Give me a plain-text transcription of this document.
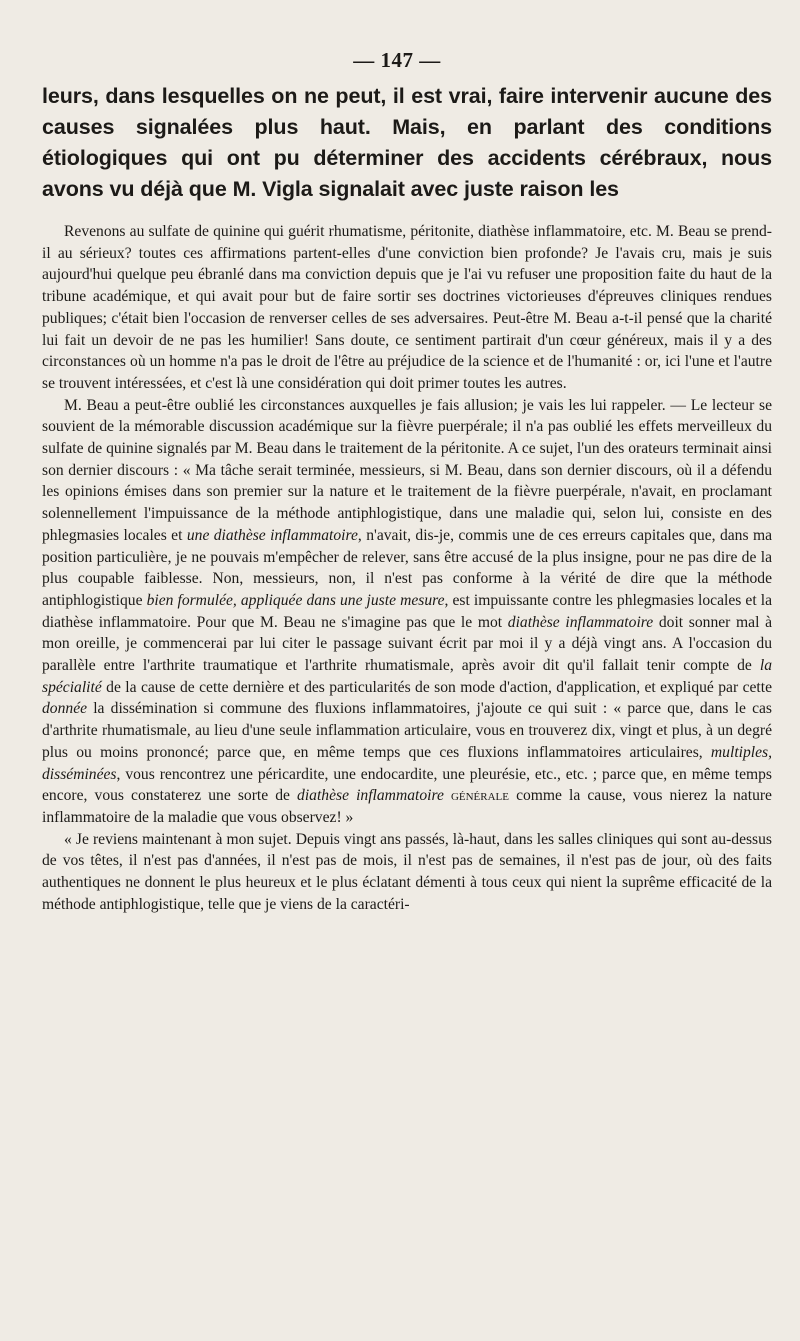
— 147 —

leurs, dans lesquelles on ne peut, il est vrai, faire intervenir aucune des causes signalées plus haut. Mais, en parlant des conditions étiologiques qui ont pu déterminer des accidents cérébraux, nous avons vu déjà que M. Vigla signalait avec juste raison les

Revenons au sulfate de quinine qui guérit rhumatisme, péritonite, diathèse inflammatoire, etc. M. Beau se prend-il au sérieux? toutes ces affirmations partent-elles d'une conviction bien profonde? Je l'avais cru, mais je suis aujourd'hui quelque peu ébranlé dans ma conviction depuis que je l'ai vu refuser une proposition faite du haut de la tribune académique, et qui avait pour but de faire sortir ses doctrines victorieuses d'épreuves cliniques rendues publiques; c'était bien l'occasion de renverser celles de ses adversaires. Peut-être M. Beau a-t-il pensé que la charité lui fait un devoir de ne pas les humilier! Sans doute, ce sentiment partirait d'un cœur généreux, mais il y a des circonstances où un homme n'a pas le droit de l'être au préjudice de la science et de l'humanité : or, ici l'une et l'autre se trouvent intéressées, et c'est là une considération qui doit primer toutes les autres.

M. Beau a peut-être oublié les circonstances auxquelles je fais allusion; je vais les lui rappeler. — Le lecteur se souvient de la mémorable discussion académique sur la fièvre puerpérale; il n'a pas oublié les effets merveilleux du sulfate de quinine signalés par M. Beau dans le traitement de la péritonite. A ce sujet, l'un des orateurs terminait ainsi son dernier discours : « Ma tâche serait terminée, messieurs, si M. Beau, dans son dernier discours, où il a défendu les opinions émises dans son premier sur la nature et le traitement de la fièvre puerpérale, n'avait, en proclamant solennellement l'impuissance de la méthode antiphlogistique, dans une maladie qui, selon lui, consiste en des phlegmasies locales et une diathèse inflammatoire, n'avait, dis-je, commis une de ces erreurs capitales que, dans ma position particulière, je ne pouvais m'empêcher de relever, sans être accusé de la plus insigne, pour ne pas dire de la plus coupable faiblesse. Non, messieurs, non, il n'est pas conforme à la vérité de dire que la méthode antiphlogistique bien formulée, appliquée dans une juste mesure, est impuissante contre les phlegmasies locales et la diathèse inflammatoire. Pour que M. Beau ne s'imagine pas que le mot diathèse inflammatoire doit sonner mal à mon oreille, je commencerai par lui citer le passage suivant écrit par moi il y a déjà vingt ans. A l'occasion du parallèle entre l'arthrite traumatique et l'arthrite rhumatismale, après avoir dit qu'il fallait tenir compte de la spécialité de la cause de cette dernière et des particularités de son mode d'action, d'application, et expliqué par cette donnée la dissémination si commune des fluxions inflammatoires, j'ajoute ce qui suit : « parce que, dans le cas d'arthrite rhumatismale, au lieu d'une seule inflammation articulaire, vous en trouverez dix, vingt et plus, à un degré plus ou moins prononcé; parce que, en même temps que ces fluxions inflammatoires articulaires, multiples, disséminées, vous rencontrez une péricardite, une endocardite, une pleurésie, etc., etc. ; parce que, en même temps encore, vous constaterez une sorte de diathèse inflammatoire générale comme la cause, vous nierez la nature inflammatoire de la maladie que vous observez! »

« Je reviens maintenant à mon sujet. Depuis vingt ans passés, là-haut, dans les salles cliniques qui sont au-dessus de vos têtes, il n'est pas d'années, il n'est pas de mois, il n'est pas de semaines, il n'est pas de jour, où des faits authentiques ne donnent le plus heureux et le plus éclatant démenti à tous ceux qui nient la suprême efficacité de la méthode antiphlogistique, telle que je viens de la caractéri-
